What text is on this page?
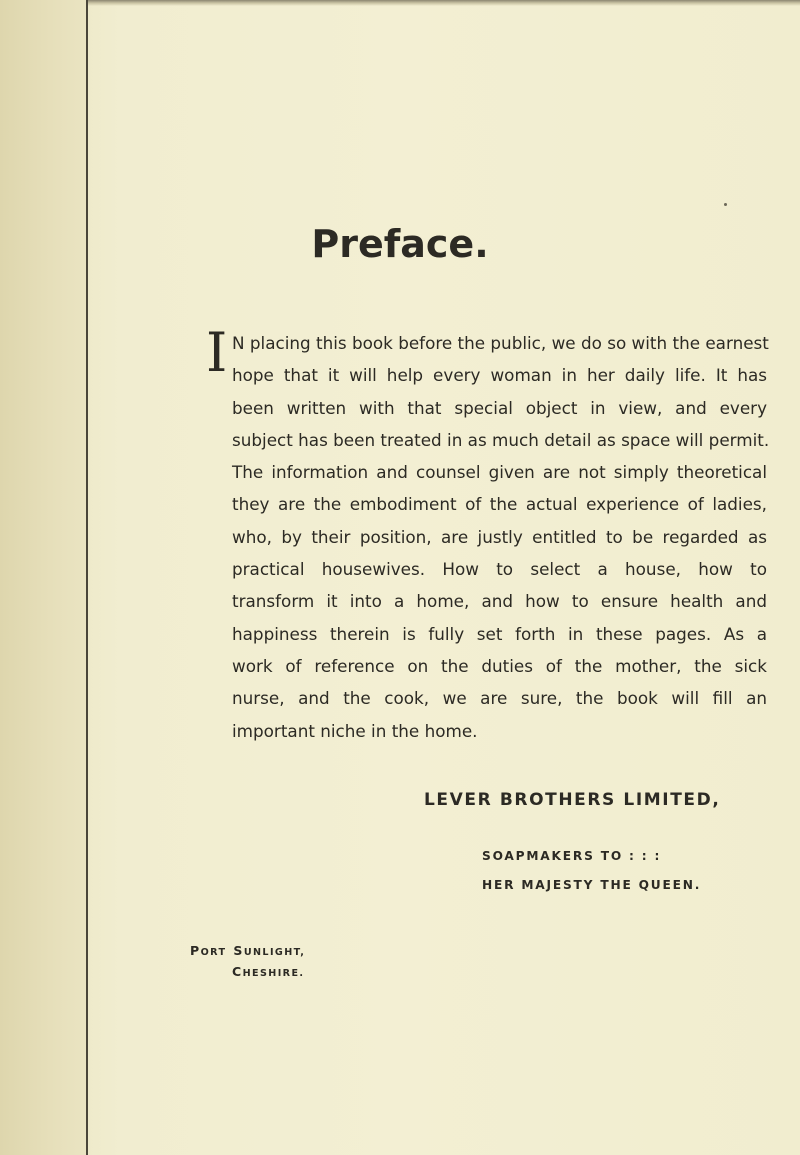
Preface.
I N placing this book before the public, we do so with the earnest
hope that it will help every woman in her daily life. It has
been written with that special object in view, and every
subject has been treated in as much detail as space will permit.
The information and counsel given are not simply theoretical
they are the embodiment of the actual experience of ladies,
who, by their position, are justly entitled to be regarded as
practical housewives. How to select a house, how to
transform it into a home, and how to ensure health and
happiness therein is fully set forth in these pages. As a
work of reference on the duties of the mother, the sick
nurse, and the cook, we are sure, the book will fill an
important niche in the home.

LEVER BROTHERS LIMITED,

SOAPMAKERS TO : : :

HER MAJESTY THE QUEEN.

PORT SUNLIGHT,

CHESHIRE.
